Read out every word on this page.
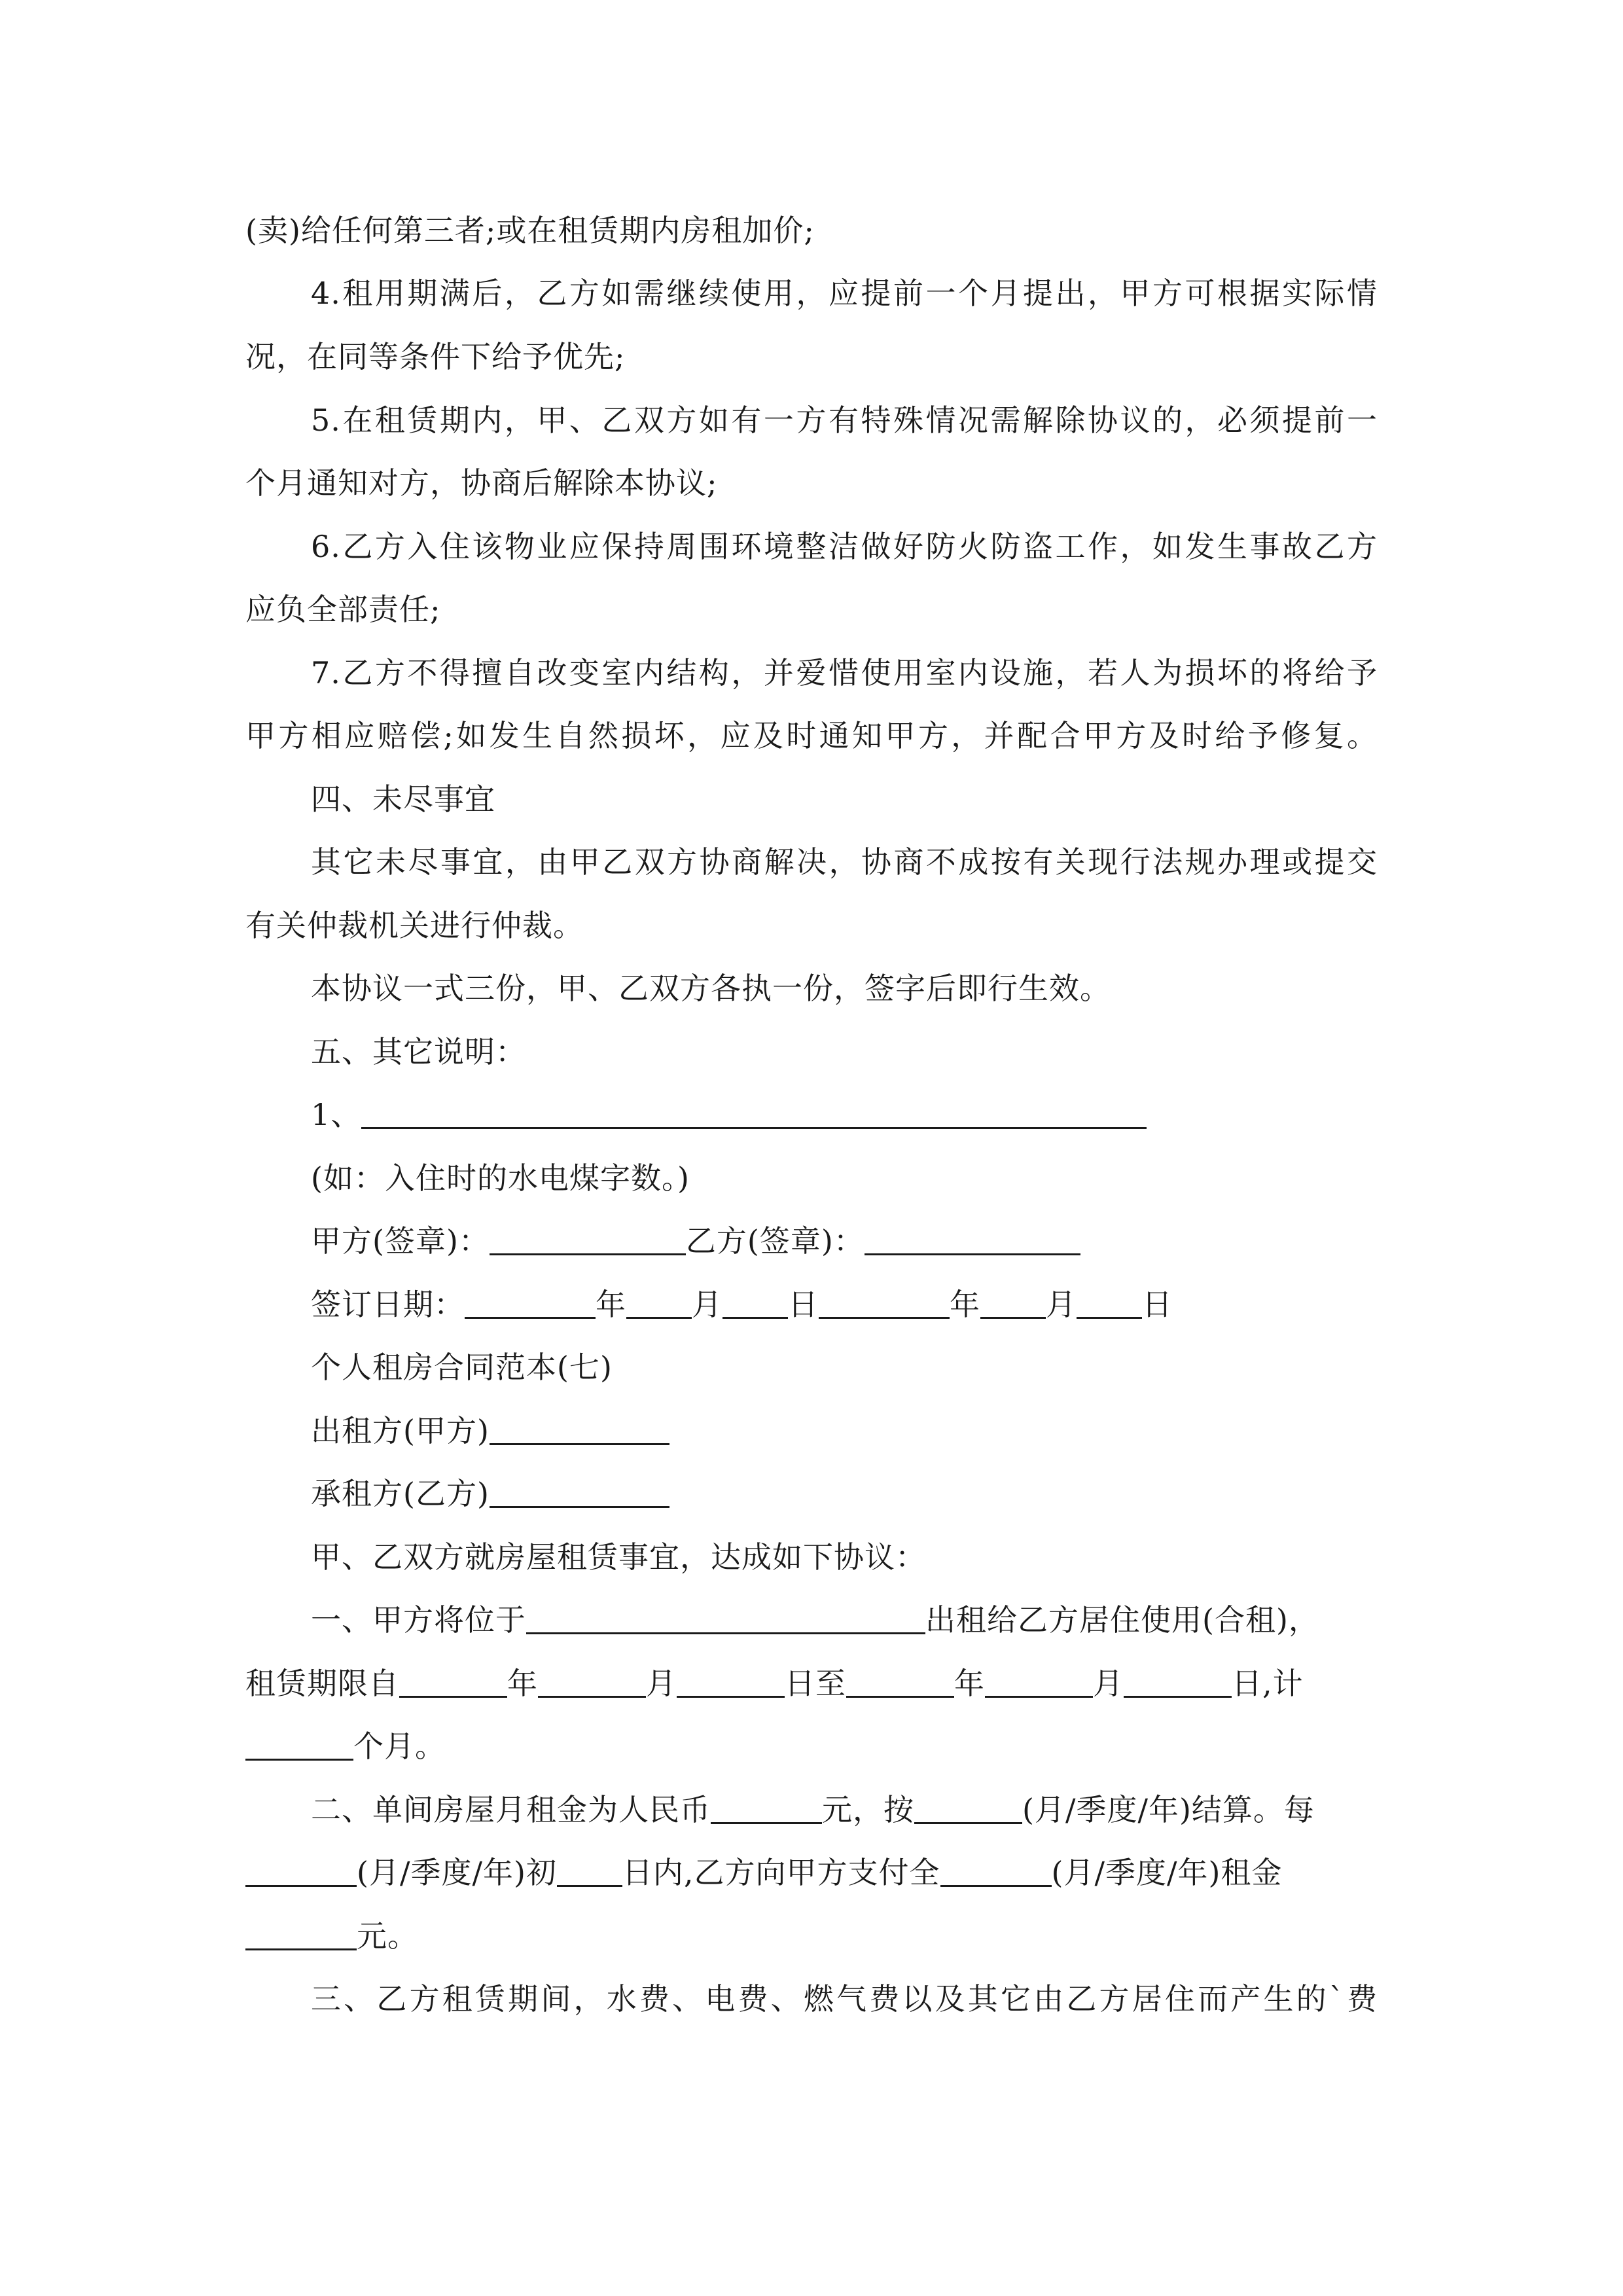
(卖)给任何第三者;或在租赁期内房租加价;
4.租用期满后，乙方如需继续使用，应提前一个月提出，甲方可根据实际情
况，在同等条件下给予优先;
5.在租赁期内，甲、乙双方如有一方有特殊情况需解除协议的，必须提前一
个月通知对方，协商后解除本协议;
6.乙方入住该物业应保持周围环境整洁做好防火防盗工作，如发生事故乙方
应负全部责任;
7.乙方不得擅自改变室内结构，并爱惜使用室内设施，若人为损坏的将给予
甲方相应赔偿;如发生自然损坏，应及时通知甲方，并配合甲方及时给予修复。
四、未尽事宜
其它未尽事宜，由甲乙双方协商解决，协商不成按有关现行法规办理或提交
有关仲裁机关进行仲裁。
本协议一式三份，甲、乙双方各执一份，签字后即行生效。
五、其它说明：
1、
(如：入住时的水电煤字数。)
甲方(签章)：	乙方(签章)：
签订日期：	年 月 日	年 月 日
个人租房合同范本(七)
出租方(甲方)
承租方(乙方)
甲、乙双方就房屋租赁事宜，达成如下协议：
一、甲方将位于	出租给乙方居住使用(合租)，
租赁期限自	年	月	日至	年	月	日,计
个月。
二、单间房屋月租金为人民币	元，按	(月/季度/年)结算。每
(月/季度/年)初 日内,乙方向甲方支付全	(月/季度/年)租金
元。
三、乙方租赁期间，水费、电费、燃气费以及其它由乙方居住而产生的`费
